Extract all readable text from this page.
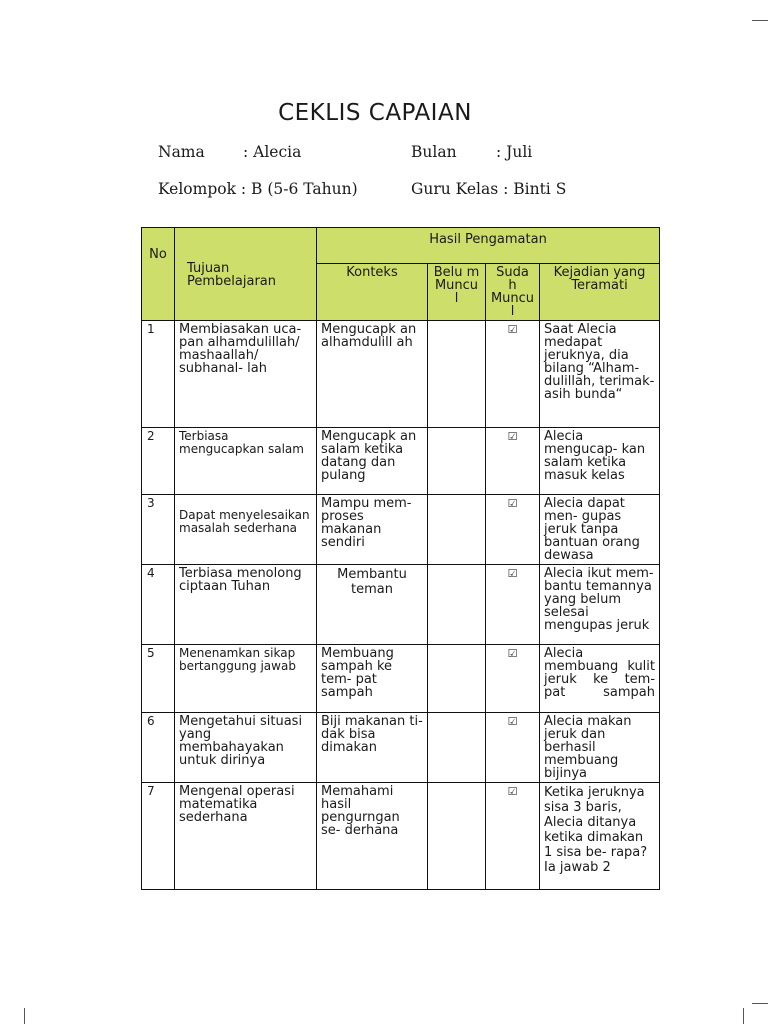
CEKLIS CAPAIAN
Nama : Alecia	Bulan	: Juli
Kelompok : B (5-6 Tahun)	Guru Kelas : Binti S
No	Tujuan Pembelajaran	Hasil Pengamatan			
		Konteks	Belu m Muncu l	Suda h Muncu l	Kejadian yang Teramati
1	Membiasakan uca- pan alhamdulillah/ mashaallah/ subhanal- lah	Mengucapk an alhamdulill ah		☑	Saat Alecia medapat jeruknya, dia bilang “Alham- dulillah, terimak- asih bunda“
2	Terbiasa mengucapkan salam	Mengucapk an salam ketika datang dan pulang		☑	Alecia mengucap- kan salam ketika masuk kelas
3	Dapat menyelesaikan masalah sederhana	Mampu mem- proses makanan sendiri		☑	Alecia dapat men- gupas jeruk tanpa bantuan orang dewasa
4	Terbiasa menolong ciptaan Tuhan	Membantu teman		☑	Alecia ikut mem- bantu temannya yang belum selesai mengupas jeruk
5	Menenamkan sikap bertanggung jawab	Membuang sampah ke tem- pat sampah		☑	Alecia membuang kulit jeruk ke tem- pat sampah
6	Mengetahui situasi yang membahayakan untuk dirinya	Biji makanan ti- dak bisa dimakan		☑	Alecia makan jeruk dan berhasil membuang bijinya
7	Mengenal operasi matematika sederhana	Memahami hasil pengurngan se- derhana		☑	Ketika jeruknya sisa 3 baris, Alecia ditanya ketika dimakan 1 sisa be- rapa? Ia jawab 2
